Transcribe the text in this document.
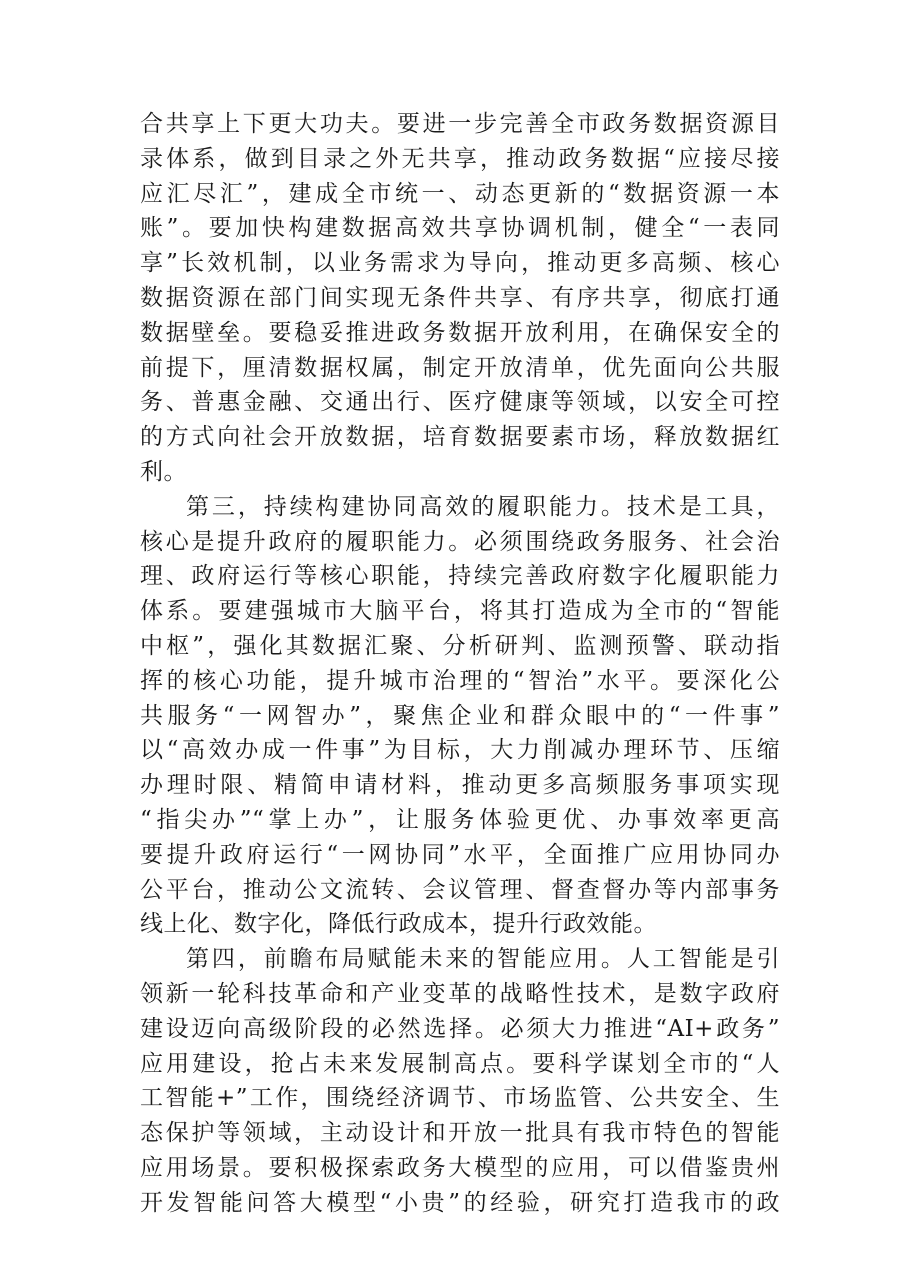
合共享上下更大功夫。要进一步完善全市政务数据资源目
录体系，做到目录之外无共享，推动政务数据“应接尽接
应汇尽汇”，建成全市统一、动态更新的“数据资源一本
账”。要加快构建数据高效共享协调机制，健全“一表同
享”长效机制，以业务需求为导向，推动更多高频、核心
数据资源在部门间实现无条件共享、有序共享，彻底打通
数据壁垒。要稳妥推进政务数据开放利用，在确保安全的
前提下，厘清数据权属，制定开放清单，优先面向公共服
务、普惠金融、交通出行、医疗健康等领域，以安全可控
的方式向社会开放数据，培育数据要素市场，释放数据红
利。
第三，持续构建协同高效的履职能力。技术是工具，
核心是提升政府的履职能力。必须围绕政务服务、社会治
理、政府运行等核心职能，持续完善政府数字化履职能力
体系。要建强城市大脑平台，将其打造成为全市的“智能
中枢”，强化其数据汇聚、分析研判、监测预警、联动指
挥的核心功能，提升城市治理的“智治”水平。要深化公
共服务“一网智办”，聚焦企业和群众眼中的“一件事”
以“高效办成一件事”为目标，大力削减办理环节、压缩
办理时限、精简申请材料，推动更多高频服务事项实现
“指尖办”“掌上办”，让服务体验更优、办事效率更高
要提升政府运行“一网协同”水平，全面推广应用协同办
公平台，推动公文流转、会议管理、督查督办等内部事务
线上化、数字化，降低行政成本，提升行政效能。
第四，前瞻布局赋能未来的智能应用。人工智能是引
领新一轮科技革命和产业变革的战略性技术，是数字政府
建设迈向高级阶段的必然选择。必须大力推进“AI+政务”
应用建设，抢占未来发展制高点。要科学谋划全市的“人
工智能+”工作，围绕经济调节、市场监管、公共安全、生
态保护等领域，主动设计和开放一批具有我市特色的智能
应用场景。要积极探索政务大模型的应用，可以借鉴贵州
开发智能问答大模型“小贵”的经验，研究打造我市的政
